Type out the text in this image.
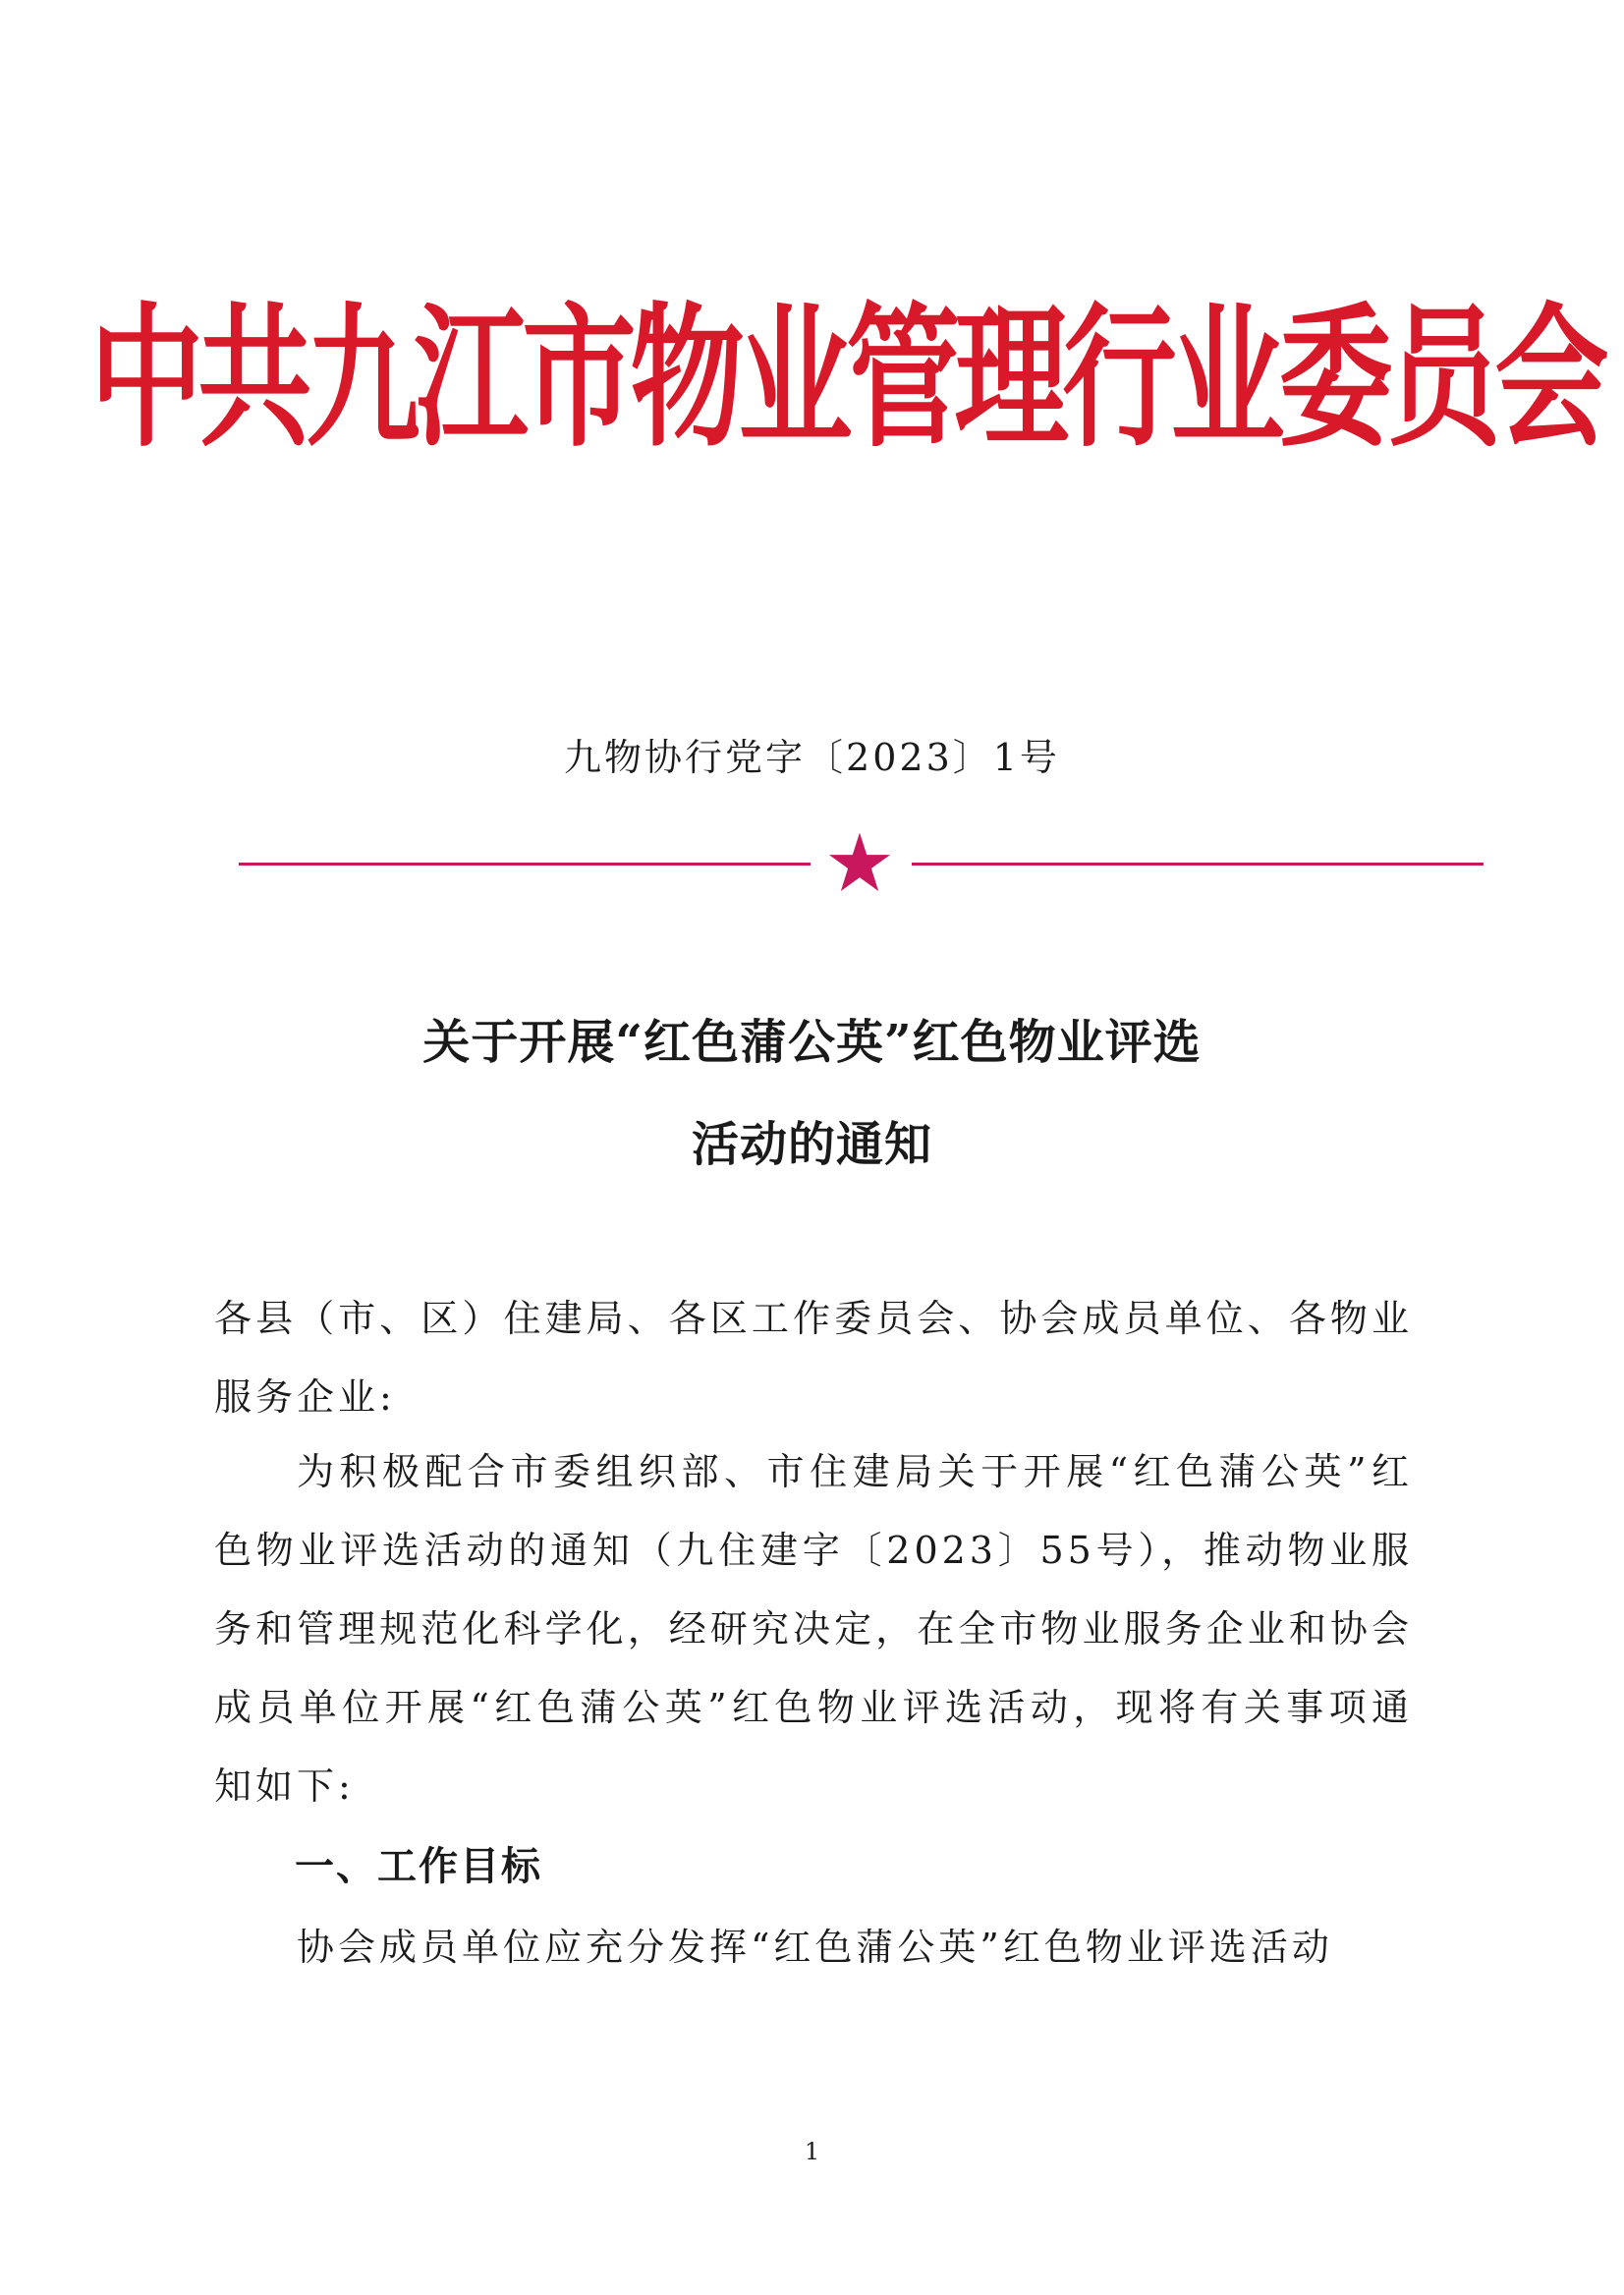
中共九江市物业管理行业委员会
九物协行党字〔2023〕1号
关于开展“红色蒲公英”红色物业评选
活动的通知
各县（市、区）住建局、各区工作委员会、协会成员单位、各物业服务企业:
为积极配合市委组织部、市住建局关于开展“红色蒲公英”红色物业评选活动的通知（九住建字〔2023〕55号），推动物业服务和管理规范化科学化，经研究决定，在全市物业服务企业和协会成员单位开展“红色蒲公英”红色物业评选活动，现将有关事项通知如下:
一、工作目标
协会成员单位应充分发挥“红色蒲公英”红色物业评选活动
1
